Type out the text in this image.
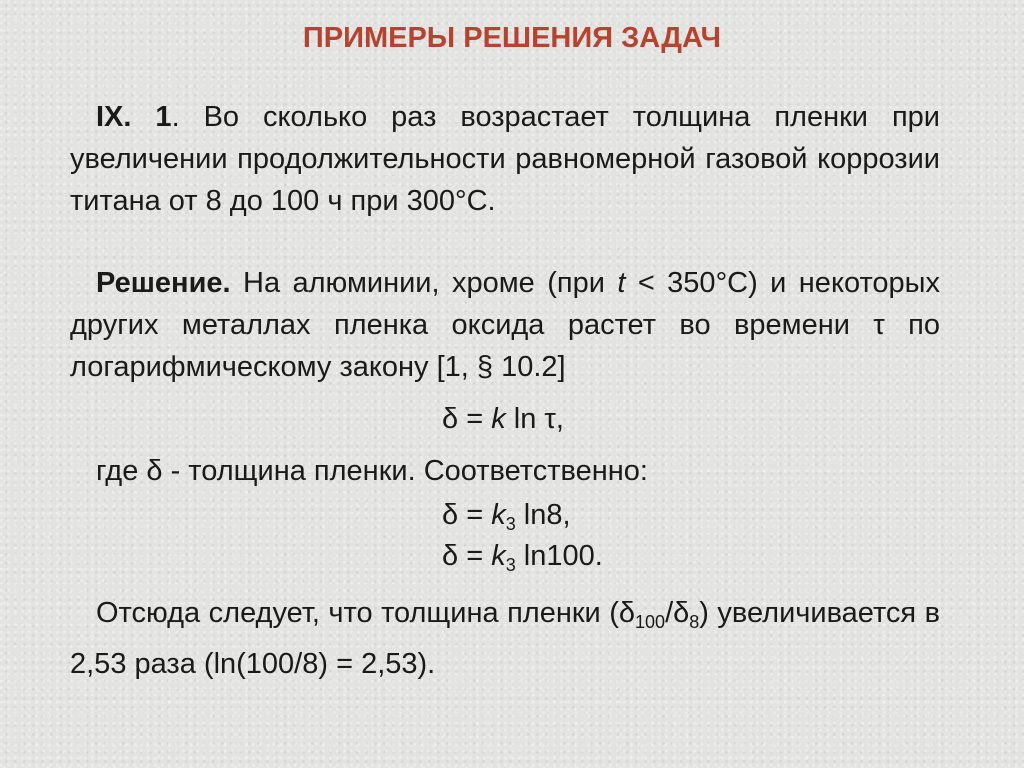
ПРИМЕРЫ РЕШЕНИЯ ЗАДАЧ

IX. 1. Во сколько раз возрастает толщина пленки при увеличении продолжительности равномерной газовой коррозии титана от 8 до 100 ч при 300°С.

Решение. На алюминии, хроме (при t < 350°С) и некоторых других металлах пленка оксида растет во времени τ по логарифмическому закону [1, § 10.2]

δ = k ln τ,

где δ - толщина пленки. Соответственно:

$\delta = k_3$ ln8,
$\delta = k_3$ ln100.

Отсюда следует, что толщина пленки $(\delta_{100}/\delta_8)$ увеличивается в 2,53 раза (ln(100/8) = 2,53).
